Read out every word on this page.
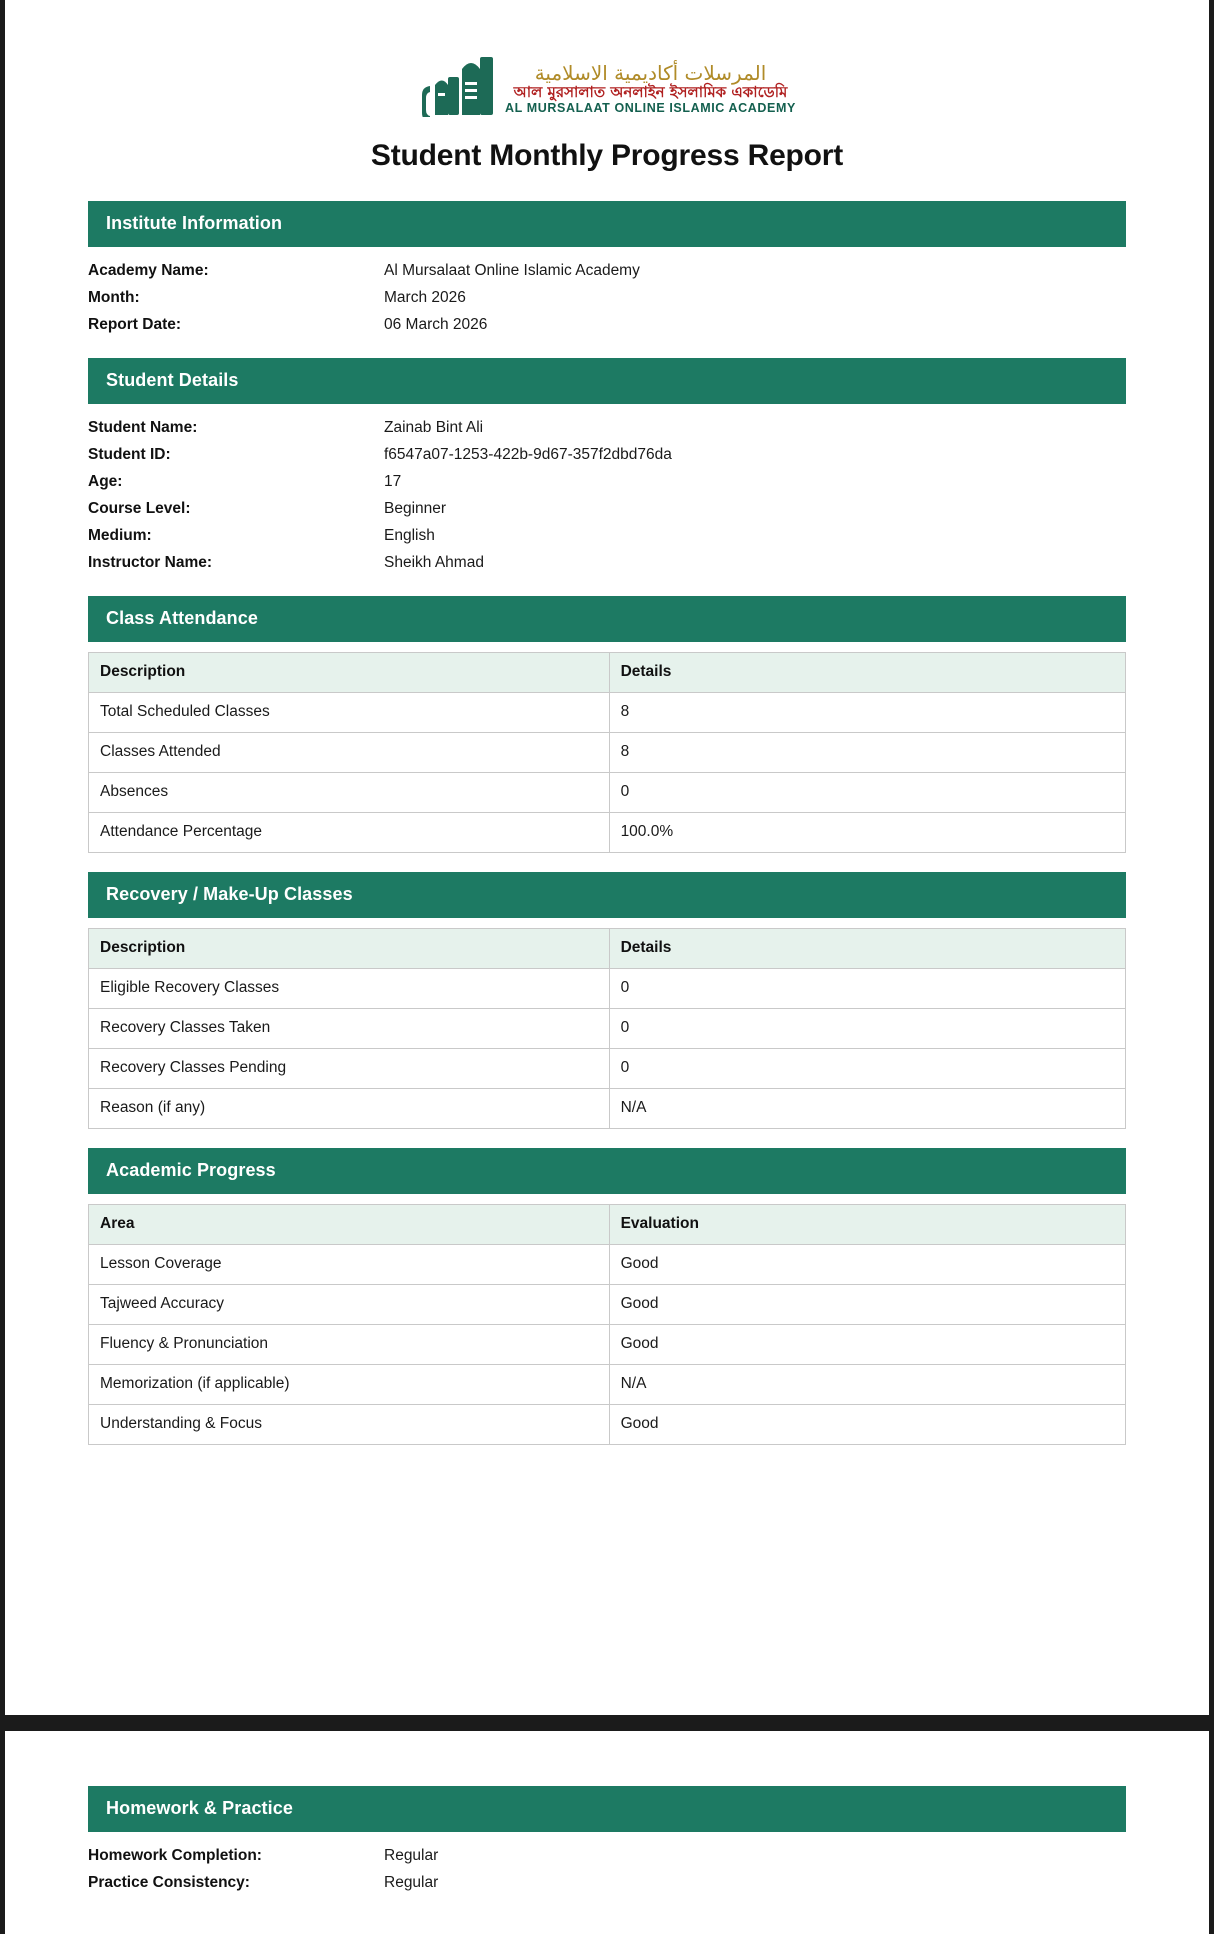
المرسلات أكاديمية الاسلامية
আল মুরসালাত অনলাইন ইসলামিক একাডেমি
AL MURSALAAT ONLINE ISLAMIC ACADEMY
Student Monthly Progress Report
Institute Information
Academy Name:	Al Mursalaat Online Islamic Academy
Month:	March 2026
Report Date:	06 March 2026
Student Details
Student Name:	Zainab Bint Ali
Student ID:	f6547a07-1253-422b-9d67-357f2dbd76da
Age:	17
Course Level:	Beginner
Medium:	English
Instructor Name:	Sheikh Ahmad
Class Attendance
Description	Details
Total Scheduled Classes	8
Classes Attended	8
Absences	0
Attendance Percentage	100.0%
Recovery / Make-Up Classes
Description	Details
Eligible Recovery Classes	0
Recovery Classes Taken	0
Recovery Classes Pending	0
Reason (if any)	N/A
Academic Progress
Area	Evaluation
Lesson Coverage	Good
Tajweed Accuracy	Good
Fluency & Pronunciation	Good
Memorization (if applicable)	N/A
Understanding & Focus	Good
Homework & Practice
Homework Completion:	Regular
Practice Consistency:	Regular
